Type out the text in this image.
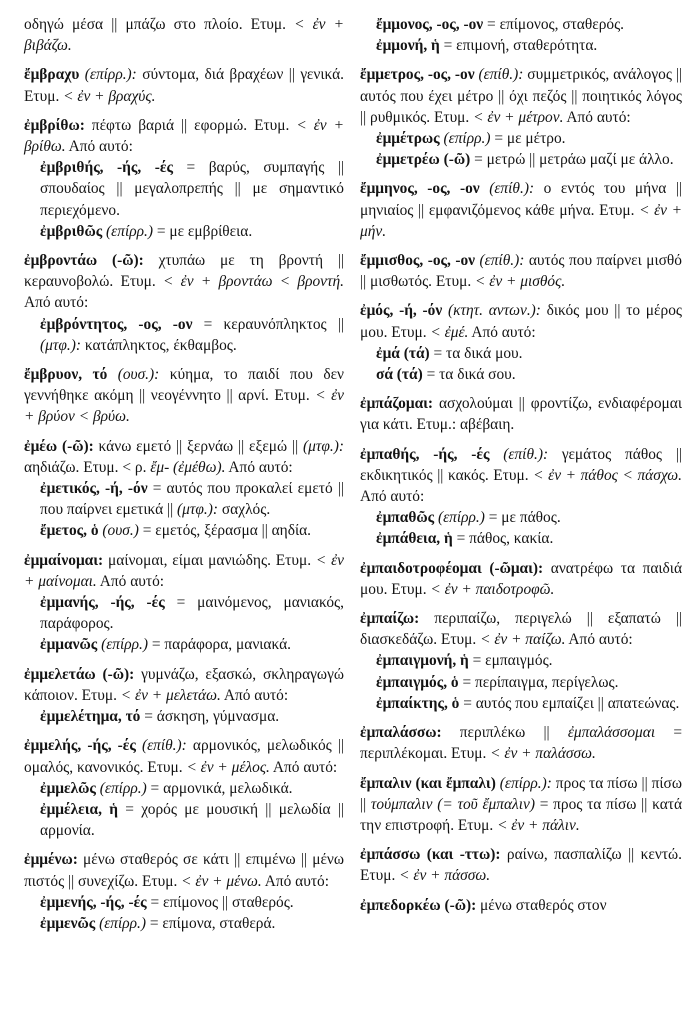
οδηγώ μέσα || μπάζω στο πλοίο. Ετυμ. < ἐν + βιβάζω.

ἔμβραχυ (επίρρ.): σύντομα, διά βραχέων || γενικά. Ετυμ. < ἐν + βραχύς.

ἐμβρίθω: πέφτω βαριά || εφορμώ. Ετυμ. < ἐν + βρίθω. Από αυτό:

ἐμβριθής, -ής, -ές = βαρύς, συμπαγής || σπουδαίος || μεγαλοπρεπής || με σημαντικό περιεχόμενο.

ἐμβριθῶς (επίρρ.) = με εμβρίθεια.

ἐμβροντάω (-ῶ): χτυπάω με τη βροντή || κεραυνοβολώ. Ετυμ. < ἐν + βροντάω < βροντή. Από αυτό:

ἐμβρόντητος, -ος, -ον = κεραυνόπληκτος || (μτφ.): κατάπληκτος, έκθαμβος.

ἔμβρυον, τό (ουσ.): κύημα, το παιδί που δεν γεννήθηκε ακόμη || νεογέννητο || αρνί. Ετυμ. < ἐν + βρύον < βρύω.

ἐμέω (-ῶ): κάνω εμετό || ξερνάω || εξεμώ || (μτφ.): αηδιάζω. Ετυμ. < ρ. ἔμ- (ἐμέθω). Από αυτό:

ἐμετικός, -ή, -όν = αυτός που προκαλεί εμετό || που παίρνει εμετικά || (μτφ.): σαχλός.

ἔμετος, ὁ (ουσ.) = εμετός, ξέρασμα || αηδία.

ἐμμαίνομαι: μαίνομαι, είμαι μανιώδης. Ετυμ. < ἐν + μαίνομαι. Από αυτό:

ἐμμανής, -ής, -ές = μαινόμενος, μανιακός, παράφορος.

ἐμμανῶς (επίρρ.) = παράφορα, μανιακά.

ἐμμελετάω (-ῶ): γυμνάζω, εξασκώ, σκληραγωγώ κάποιον. Ετυμ. < ἐν + μελετάω. Από αυτό:

ἐμμελέτημα, τό = άσκηση, γύμνασμα.

ἐμμελής, -ής, -ές (επίθ.): αρμονικός, μελωδικός || ομαλός, κανονικός. Ετυμ. < ἐν + μέλος. Από αυτό:

ἐμμελῶς (επίρρ.) = αρμονικά, μελωδικά.

ἐμμέλεια, ἡ = χορός με μουσική || μελωδία || αρμονία.

ἐμμένω: μένω σταθερός σε κάτι || επιμένω || μένω πιστός || συνεχίζω. Ετυμ. < ἐν + μένω. Από αυτό:

ἐμμενής, -ής, -ές = επίμονος || σταθερός.

ἐμμενῶς (επίρρ.) = επίμονα, σταθερά.

ἔμμονος, -ος, -ον = επίμονος, σταθερός.

ἐμμονή, ἡ = επιμονή, σταθερότητα.

ἔμμετρος, -ος, -ον (επίθ.): συμμετρικός, ανάλογος || αυτός που έχει μέτρο || όχι πεζός || ποιητικός λόγος || ρυθμικός. Ετυμ. < ἐν + μέτρον. Από αυτό:

ἐμμέτρως (επίρρ.) = με μέτρο.

ἐμμετρέω (-ῶ) = μετρώ || μετράω μαζί με άλλο.

ἔμμηνος, -ος, -ον (επίθ.): ο εντός του μήνα || μηνιαίος || εμφανιζόμενος κάθε μήνα. Ετυμ. < ἐν + μήν.

ἔμμισθος, -ος, -ον (επίθ.): αυτός που παίρνει μισθό || μισθωτός. Ετυμ. < ἐν + μισθός.

ἐμός, -ή, -όν (κτητ. αντων.): δικός μου || το μέρος μου. Ετυμ. < ἐμέ. Από αυτό:

ἐμά (τά) = τα δικά μου.

σά (τά) = τα δικά σου.

ἐμπάζομαι: ασχολούμαι || φροντίζω, ενδιαφέρομαι για κάτι. Ετυμ.: αβέβαιη.

ἐμπαθής, -ής, -ές (επίθ.): γεμάτος πάθος || εκδικητικός || κακός. Ετυμ. < ἐν + πάθος < πάσχω. Από αυτό:

ἐμπαθῶς (επίρρ.) = με πάθος.

ἐμπάθεια, ἡ = πάθος, κακία.

ἐμπαιδοτροφέομαι (-ῶμαι): ανατρέφω τα παιδιά μου. Ετυμ. < ἐν + παιδοτροφῶ.

ἐμπαίζω: περιπαίζω, περιγελώ || εξαπατώ || διασκεδάζω. Ετυμ. < ἐν + παίζω. Από αυτό:

ἐμπαιγμονή, ἡ = εμπαιγμός.

ἐμπαιγμός, ὁ = περίπαιγμα, περίγελως.

ἐμπαίκτης, ὁ = αυτός που εμπαίζει || απατεώνας.

ἐμπαλάσσω: περιπλέκω || ἐμπαλάσσομαι = περιπλέκομαι. Ετυμ. < ἐν + παλάσσω.

ἔμπαλιν (και ἔμπαλι) (επίρρ.): προς τα πίσω || πίσω || τούμπαλιν (= τοῦ ἔμπαλιν) = προς τα πίσω || κατά την επιστροφή. Ετυμ. < ἐν + πάλιν.

ἐμπάσσω (και -ττω): ραίνω, πασπαλίζω || κεντώ. Ετυμ. < ἐν + πάσσω.

ἐμπεδορκέω (-ῶ): μένω σταθερός στον
